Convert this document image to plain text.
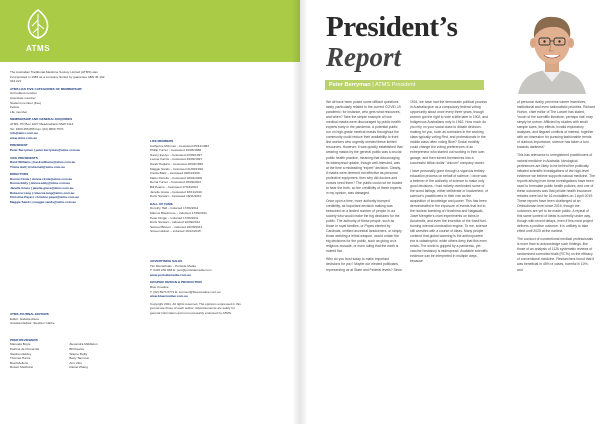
ATMS

The Australian Traditional-Medicine Society Limited (ATMS) was

incorporated in 1984 as a company limited by guarantee ABN 46 102

044 221.

ATMS HAS FIVE CATEGORIES OF MEMBERSHIP

Accredited member

Associate member

Student member (free)

Fellow

Life member

MEMBERSHIP AND GENERAL ENQUIRIES

ATMS, PO Box 1027 Meadowbank NSW 2114

Tel: 1800 456 855 Fax: (02) 9809 7570

info@atms.com.au

www.atms.com.au

PRESIDENT

Peter Berryman | peter.berryman@atms.com.au

VICE PRESIDENTS

Basil Williams | basil.williams@atms.com.au

Trisha Hall | trisha.hall@atms.com.au

DIRECTORS

Donna Cirola | donna.cirola@atms.com.au

Donna Eddy | donna.eddy@atms.com.au

Janelle Grace | janelle.grace@atms.com.au

Rebecca Lang | rebecca.lang@atms.com.au

Christine Payet | christine.payet@atms.com.au

Maggie Sands | maggie.sands@atms.com.au

LIFE MEMBERS

Catherine McInnes – bestowed 05/12/1984

Phillip Turner – bestowed 16/05/1988

Nancy Evelyn – bestowed 23/09/1997

Leonie Cairns – bestowed 29/09/1997

Sandi Hopkins – bestowed 18/04/1999

Maggie Sands – bestowed 21/06/1999

Freida Baitz – bestowed 09/04/1999

Mario Petrello – bestowed 18/04/2000

Roma Turner – bestowed 26/09/2001

Bill Pearce – bestowed 17/03/2003

Janelle Grace – bestowed 18/11/2010

Doris Stewart – bestowed 18/11/2010

HALL OF FAME

Dorothy Hall – inducted 17/09/2011

Marcus Blackmore – inducted 17/09/2011

Peter Dingle – inducted 17/09/2011

Doris Stewart – inducted 22/09/2012

Samuel Bilmon – inducted 22/09/2013

Simeon Edvet – inducted 16/12/2015

ADVERTISING SALES

Tim Montefinals – Portside Media

T: 0415 230 883 E: port@portsidemedia.com

www.portsidemedia.com.au

GRAPHIC DESIGN & PRODUCTION

Blue Creative

T: (02) 8974 8772 E: connect@bluecreative.com.au

www.bluecreative.com.au

Copyright 2021. All rights reserved. The opinions expressed in this

journal are those of each author. Advertisements are solely for

general information and not necessarily endorsed by ATMS.

ATMS JOURNAL EDITORS

Editor: Isabella Aleca

Assistant Editor: Stephen Clarke

PEER REVIEWERS

Manuela Boyle

Patricia de Pomerolle

Stephen Eddey

Thomas Harris

Brad Mellens

Robert Medhurst

Alexandra Middleton

Bill Pearce

Wayne Reilly

Betty Tannous

Ann Vitro

Daniel Zhang

President’s
Report
Peter Berryman | ATMS President

We all have been posed some difficult questions lately, particularly related to the current COVID-19 pandemic: for instance, who gets what resources, and when? Take the simple example of how medical masks were discouraged by public health experts early in the pandemic. A potential public run on high-grade medical masks throughout the community could reduce their availability to front line workers who urgently needed these limited resources. However, it was quickly established that wearing masks by the general public was a crucial public health practice, meaning that discouraging its widespread uptake, though well-intended, was at the time a misleading “expert” decision. Clearly, if masks were deemed not effective as personal protective equipment, then why did doctors and nurses need them? The public could not be trusted to hear the truth, so the credibility of these experts, in my opinion, was damaged.

Once upon a time, more authority trumped credibility, as important decision making was bestowed on a limited number of people in our society who would make the big decisions for the public. The authority of these people, such as those in royal families, or Popes elected by Cardinals, omitted ancestral landowners, or simply those wielding a lethal weapon, would ordain the big decisions for the public, such as going on a religious crusade, or even ruling that the earth is indeed flat.

Who do you trust today to make important decisions for you? Maybe our elected politicians, representing us at State and Federal levels? Since

1901, we have had the democratic political process in Australia give us a compulsory federal voting opportunity about once every three years, though women got the right to vote a little later in 1902, and Indigenous Australians only in 1962. How much do you rely on your social class to dictate decision-making for you, such as comrades in the working class typically voting Red, and professionals in the middle class often voting Blue? Social mobility could change the voting preferences of an entrepreneur who started out working in their own garage, and then turned themselves into a successful billion dollar “unicorn” company owner.

I have personally gone through a vigorous tertiary education process on behalf of science. I once was a believer in the authority of science to make only good decisions. I had naïvely overlooked some of the worst failings, either deliberate or inadvertent, of science’s practitioners in their role as the acquisition of knowledge and power. This has been demonstrated in the exposure of events that led to the nuclear bombing of Hiroshima and Nagasaki, Josef Mengele’s cruel experiments on twins in Auschwitz, and even the invention of the fossil fuel-burning internal combustion engine. To me, science still wrestles with a course of ideas. Many people contend that global warming is the anthropocene era is catastrophic, while others deny that this even exists. The world is gripped by a pandemic, yet vaccine hesitancy is widespread. Available scientific evidence can be interpreted in multiple ways, because

of personal rivalry, perverse career incentives, institutional and even nationalistic priorities. Richard Horton, chief editor of The Lancet has stated, “much of the scientific literature, perhaps half, may simply be untrue. Afflicted by studies with small sample sizes, tiny effects, invalid exploratory analyses, and flagrant conflicts of interest, together with an obsession for pursuing fashionable trends of dubious importance, science has taken a turn towards darkness”.

This has relevance to unregistered practitioners of natural medicine in Australia. Ideological pertinences are likely to be behind the politically initiated scientific investigations of the high-level evidence we believe supports natural medicine. The reports arising from these investigations have been used to formulate public health policies, and one of these outcomes was that private health insurance rebates were lost for 16 modalities on 1 April 2019. These reports have been challenged at an Ombudsman level since 2016, though the outcomes are yet to be made public. A repeat of this same context of ideas is currently under way, though with recent delays, even if this most project delivers a positive outcome: it is unlikely to take effect until 2025 at the earliest.

The conduct of conventional medical professionals is more than to acknowledge such findings, like those of an analysis of 1126 systematic reviews of randomised controlled trials (RCTs) on the efficacy of conventional medicine. Researchers found that it was beneficial in 45% of cases, harmful in 10%, and
